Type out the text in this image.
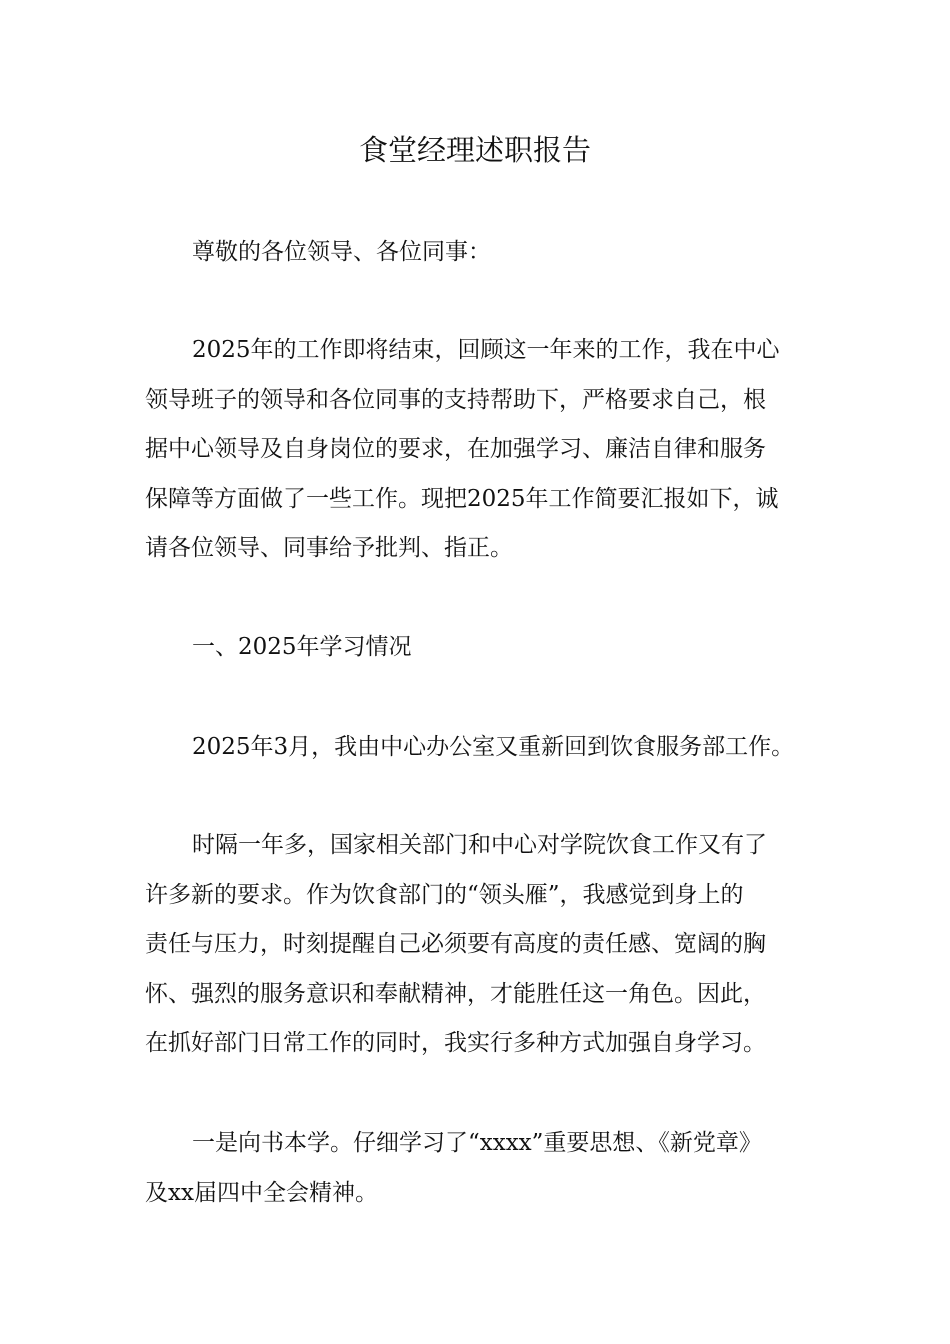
食堂经理述职报告

尊敬的各位领导、各位同事：

2025年的工作即将结束，回顾这一年来的工作，我在中心
领导班子的领导和各位同事的支持帮助下，严格要求自己，根
据中心领导及自身岗位的要求，在加强学习、廉洁自律和服务
保障等方面做了一些工作。现把2025年工作简要汇报如下，诚
请各位领导、同事给予批判、指正。

一、2025年学习情况

2025年3月，我由中心办公室又重新回到饮食服务部工作。

时隔一年多，国家相关部门和中心对学院饮食工作又有了
许多新的要求。作为饮食部门的“领头雁”，我感觉到身上的
责任与压力，时刻提醒自己必须要有高度的责任感、宽阔的胸
怀、强烈的服务意识和奉献精神，才能胜任这一角色。因此，
在抓好部门日常工作的同时，我实行多种方式加强自身学习。

一是向书本学。仔细学习了“xxxx”重要思想、《新党章》
及xx届四中全会精神。
